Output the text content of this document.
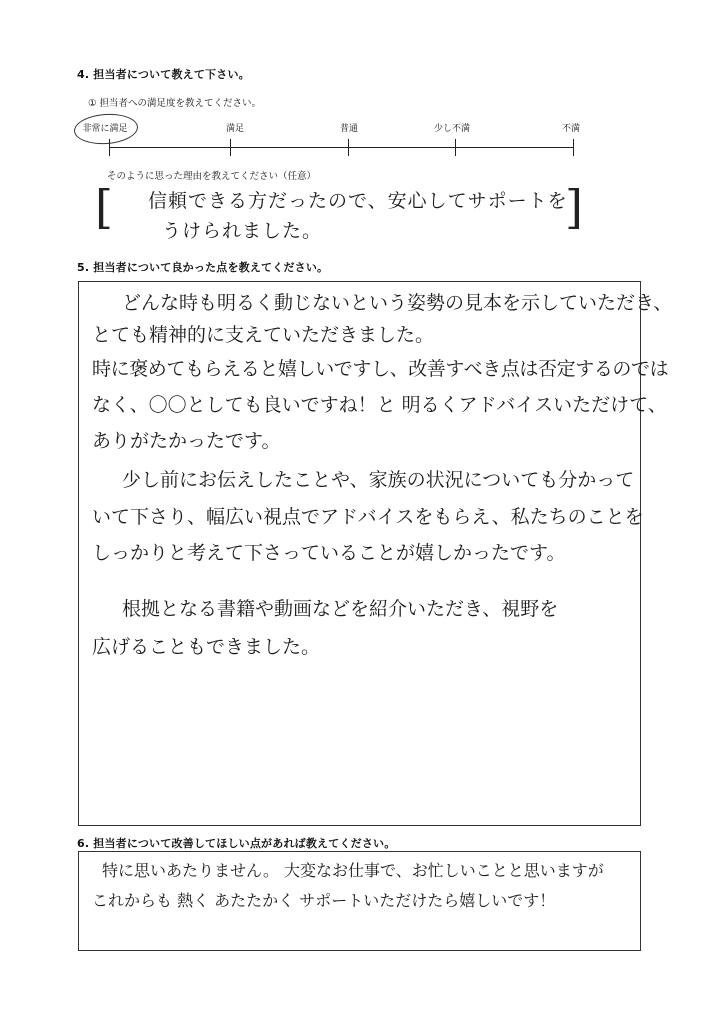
4. 担当者について教えて下さい。
① 担当者への満足度を教えてください。
非常に満足	満足	普通	少し不満	不満
そのように思った理由を教えてください（任意）
[	]
信頼できる方だったので、安心してサポートを
うけられました。
5. 担当者について良かった点を教えてください。
どんな時も明るく動じないという姿勢の見本を示していただき、
とても精神的に支えていただきました。
時に褒めてもらえると嬉しいですし、改善すべき点は否定するのでは
なく、〇〇としても良いですね！と 明るくアドバイスいただけて、
ありがたかったです。
少し前にお伝えしたことや、家族の状況についても分かって
いて下さり、幅広い視点でアドバイスをもらえ、私たちのことを
しっかりと考えて下さっていることが嬉しかったです。
根拠となる書籍や動画などを紹介いただき、視野を
広げることもできました。
6. 担当者について改善してほしい点があれば教えてください。
特に思いあたりません。 大変なお仕事で、お忙しいことと思いますが
これからも 熱く あたたかく サポートいただけたら嬉しいです！
